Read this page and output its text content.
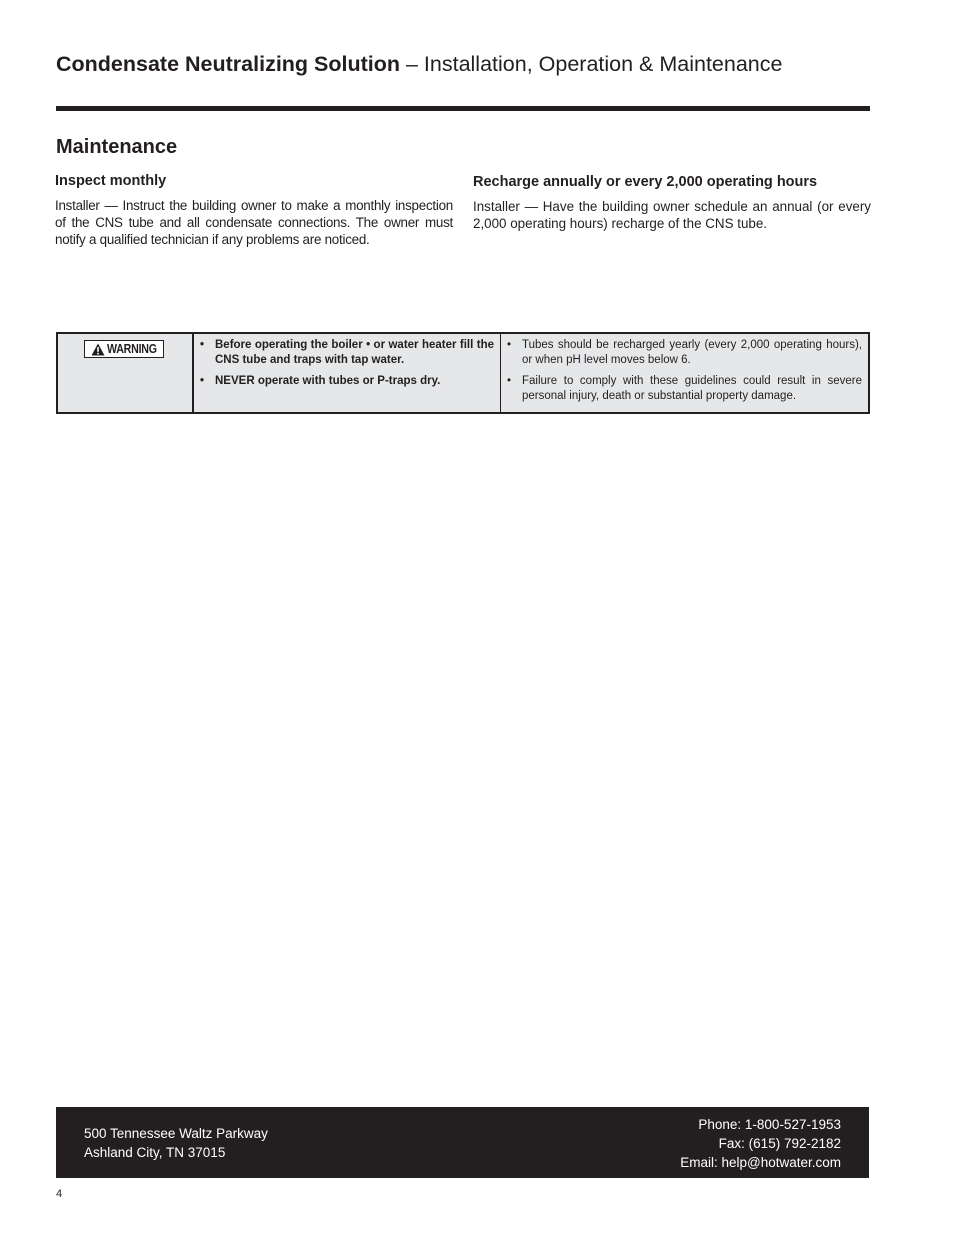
Condensate Neutralizing Solution – Installation, Operation & Maintenance
Maintenance
Inspect monthly

Installer — Instruct the building owner to make a monthly inspection of the CNS tube and all condensate connections. The owner must notify a qualified technician if any problems are noticed.

Recharge annually or every 2,000 operating hours

Installer — Have the building owner schedule an annual (or every 2,000 operating hours) recharge of the CNS tube.

WARNING
•	Before operating the boiler • or water heater fill the CNS tube and traps with tap water.
• NEVER operate with tubes or P-traps dry.
• Tubes should be recharged yearly (every 2,000 operating hours), or when pH level moves below 6.
• Failure to comply with these guidelines could result in severe personal injury, death or substantial property damage.
500 Tennessee Waltz Parkway
Ashland City, TN 37015
Phone: 1-800-527-1953
Fax: (615) 792-2182
Email: help@hotwater.com
4
